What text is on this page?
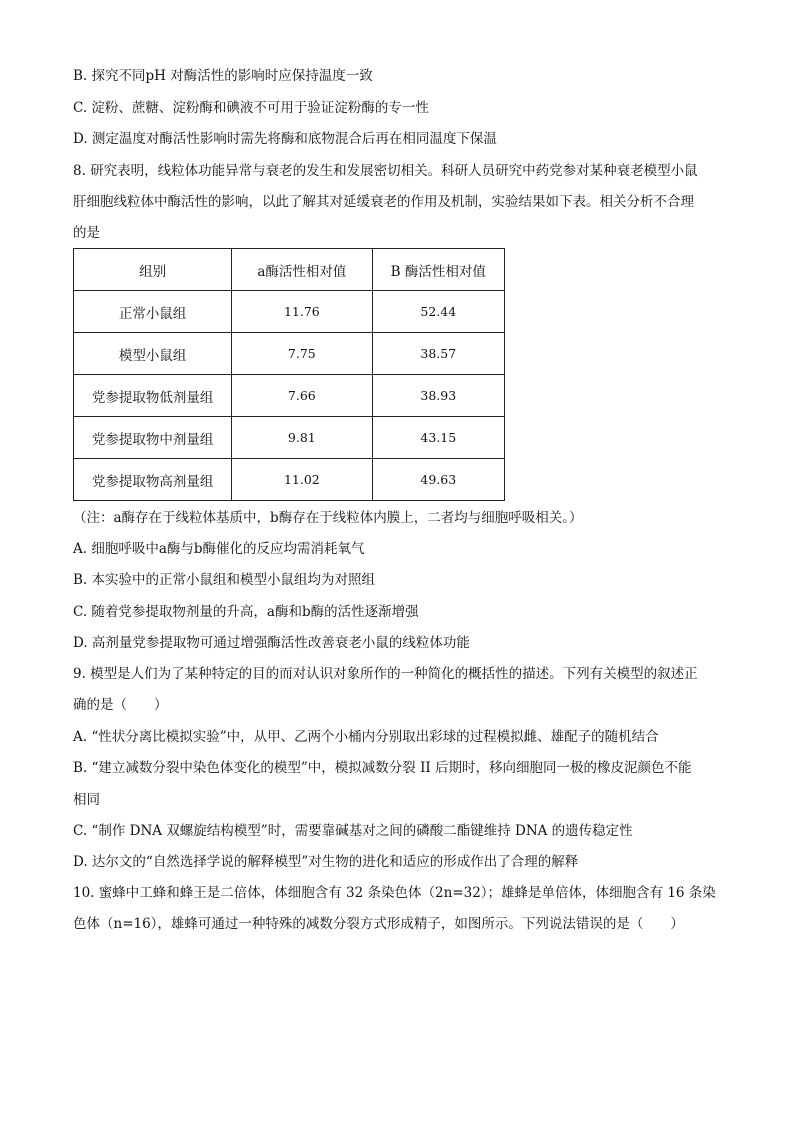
B. 探究不同pH 对酶活性的影响时应保持温度一致
C. 淀粉、蔗糖、淀粉酶和碘液不可用于验证淀粉酶的专一性
D. 测定温度对酶活性影响时需先将酶和底物混合后再在相同温度下保温
8. 研究表明，线粒体功能异常与衰老的发生和发展密切相关。科研人员研究中药党参对某种衰老模型小鼠
肝细胞线粒体中酶活性的影响，以此了解其对延缓衰老的作用及机制，实验结果如下表。相关分析不合理
的是
组别	a酶活性相对值	B 酶活性相对值
正常小鼠组	11.76	52.44
模型小鼠组	7.75	38.57
党参提取物低剂量组	7.66	38.93
党参提取物中剂量组	9.81	43.15
党参提取物高剂量组	11.02	49.63
（注：a酶存在于线粒体基质中，b酶存在于线粒体内膜上，二者均与细胞呼吸相关。）
A. 细胞呼吸中a酶与b酶催化的反应均需消耗氧气
B. 本实验中的正常小鼠组和模型小鼠组均为对照组
C. 随着党参提取物剂量的升高，a酶和b酶的活性逐渐增强
D. 高剂量党参提取物可通过增强酶活性改善衰老小鼠的线粒体功能
9. 模型是人们为了某种特定的目的而对认识对象所作的一种简化的概括性的描述。下列有关模型的叙述正
确的是（　　）
A. “性状分离比模拟实验”中，从甲、乙两个小桶内分别取出彩球的过程模拟雌、雄配子的随机结合
B. “建立减数分裂中染色体变化的模型”中，模拟减数分裂 II 后期时，移向细胞同一极的橡皮泥颜色不能
相同
C. “制作 DNA 双螺旋结构模型”时，需要靠碱基对之间的磷酸二酯键维持 DNA 的遗传稳定性
D. 达尔文的“自然选择学说的解释模型”对生物的进化和适应的形成作出了合理的解释
10. 蜜蜂中工蜂和蜂王是二倍体，体细胞含有 32 条染色体（2n=32）；雄蜂是单倍体，体细胞含有 16 条染
色体（n=16），雄蜂可通过一种特殊的减数分裂方式形成精子，如图所示。下列说法错误的是（　　）
